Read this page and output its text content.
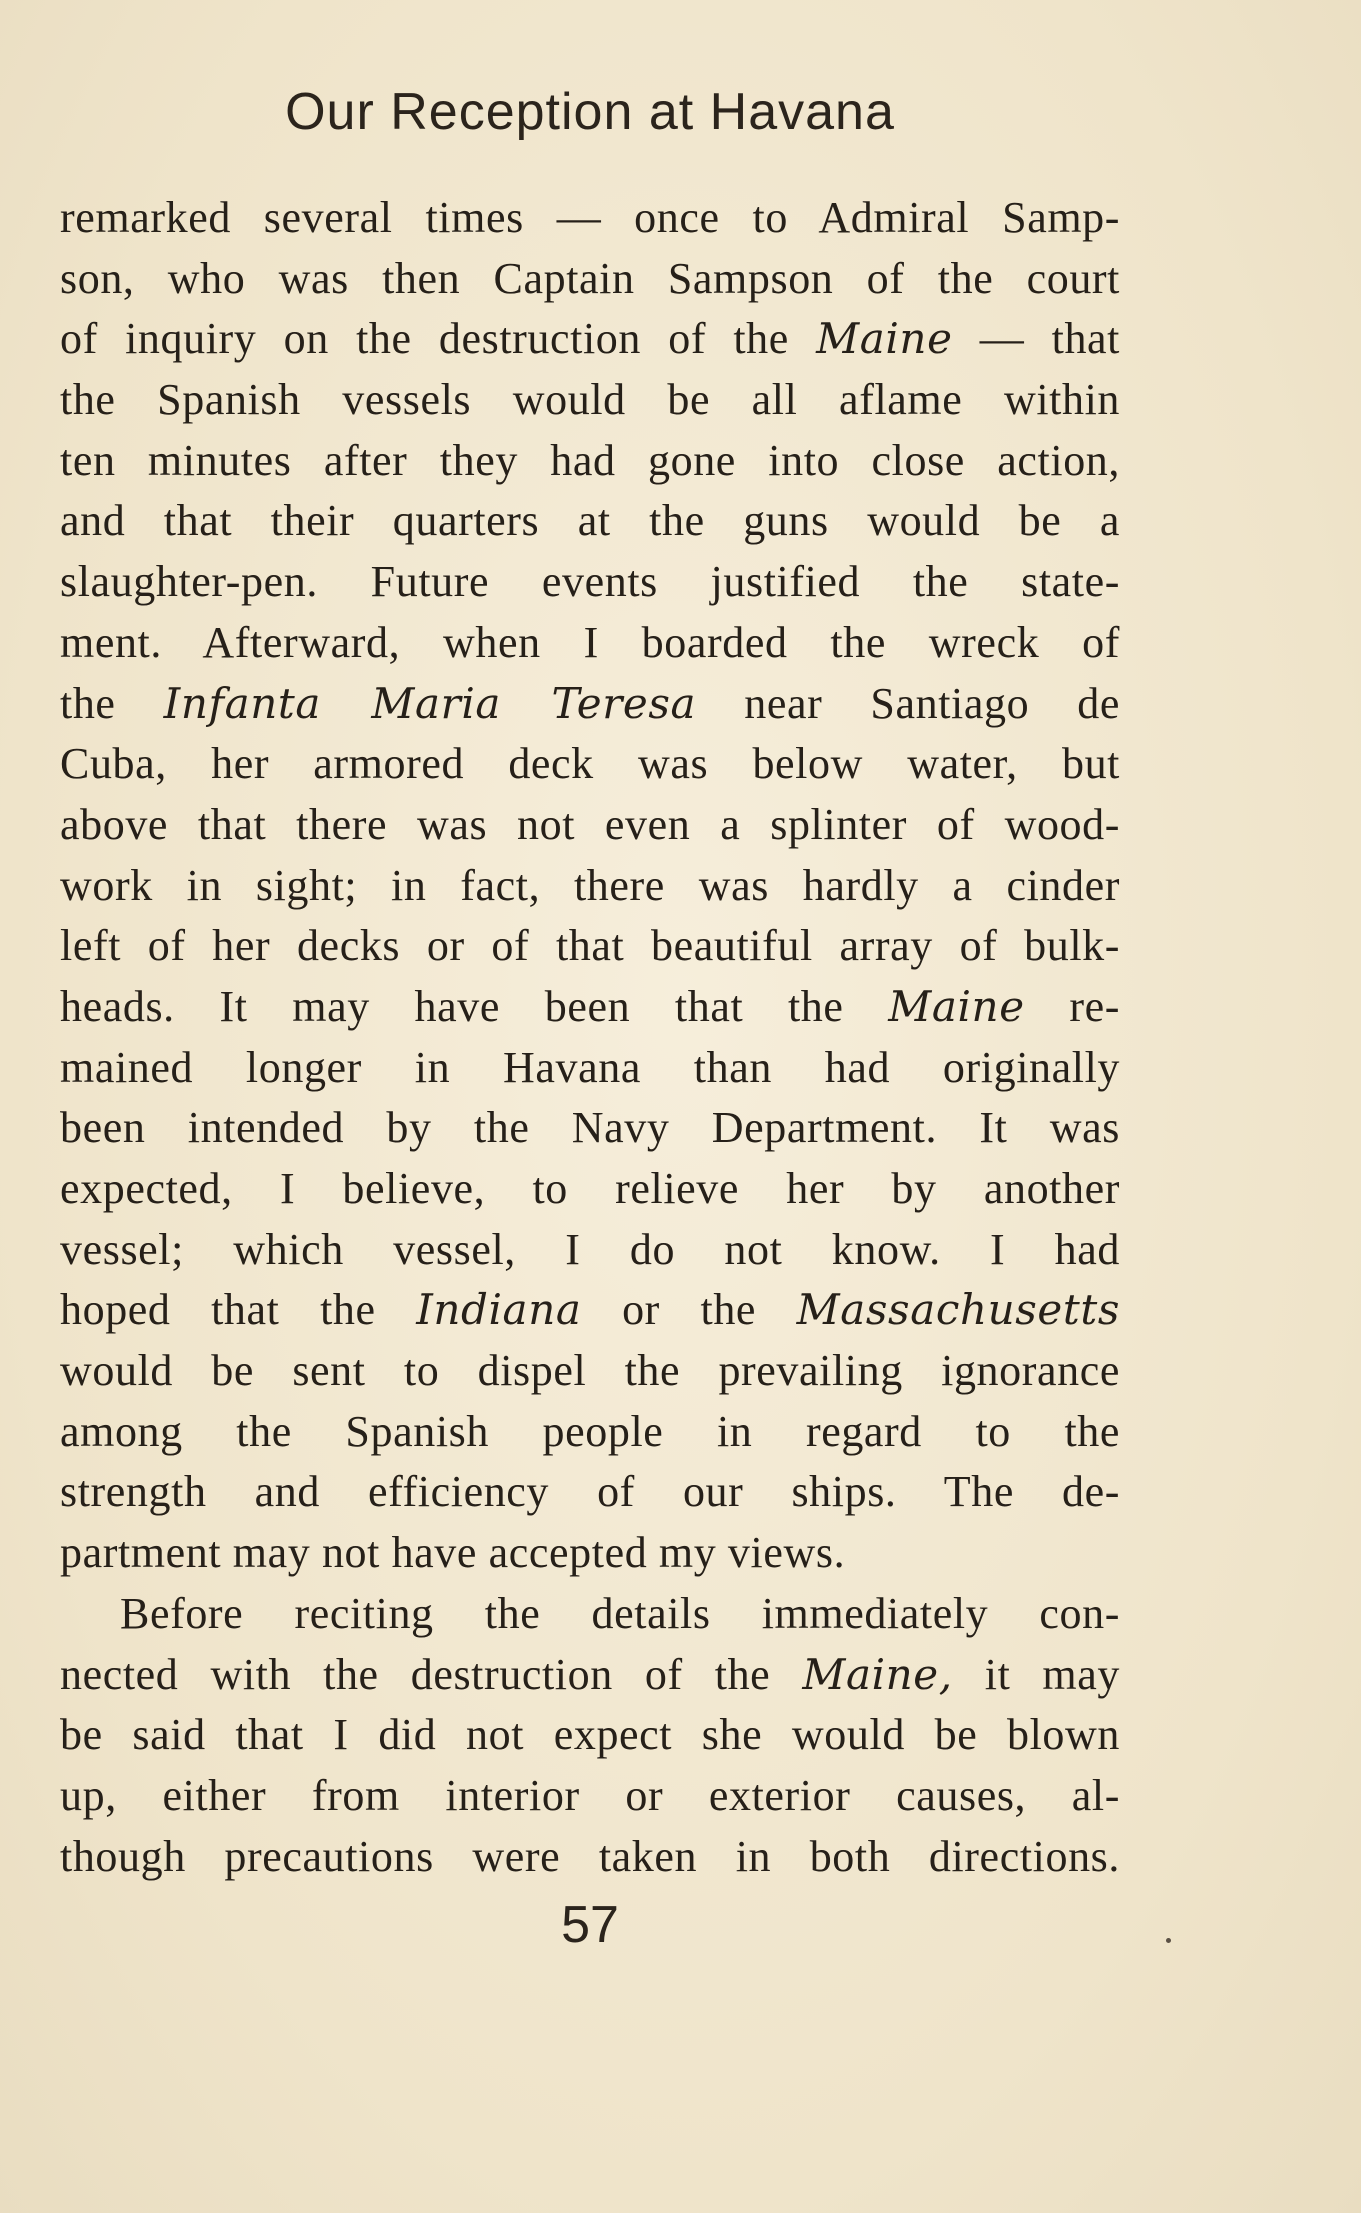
Our Reception at Havana
remarked several times — once to Admiral Samp-
son, who was then Captain Sampson of the court
of inquiry on the destruction of the Maine — that
the Spanish vessels would be all aflame within
ten minutes after they had gone into close action,
and that their quarters at the guns would be a
slaughter-pen. Future events justified the state-
ment. Afterward, when I boarded the wreck of
the Infanta Maria Teresa near Santiago de
Cuba, her armored deck was below water, but
above that there was not even a splinter of wood-
work in sight; in fact, there was hardly a cinder
left of her decks or of that beautiful array of bulk-
heads. It may have been that the Maine re-
mained longer in Havana than had originally
been intended by the Navy Department. It was
expected, I believe, to relieve her by another
vessel; which vessel, I do not know. I had
hoped that the Indiana or the Massachusetts
would be sent to dispel the prevailing ignorance
among the Spanish people in regard to the
strength and efficiency of our ships. The de-
partment may not have accepted my views.
Before reciting the details immediately con-
nected with the destruction of the Maine, it may
be said that I did not expect she would be blown
up, either from interior or exterior causes, al-
though precautions were taken in both directions.
57
